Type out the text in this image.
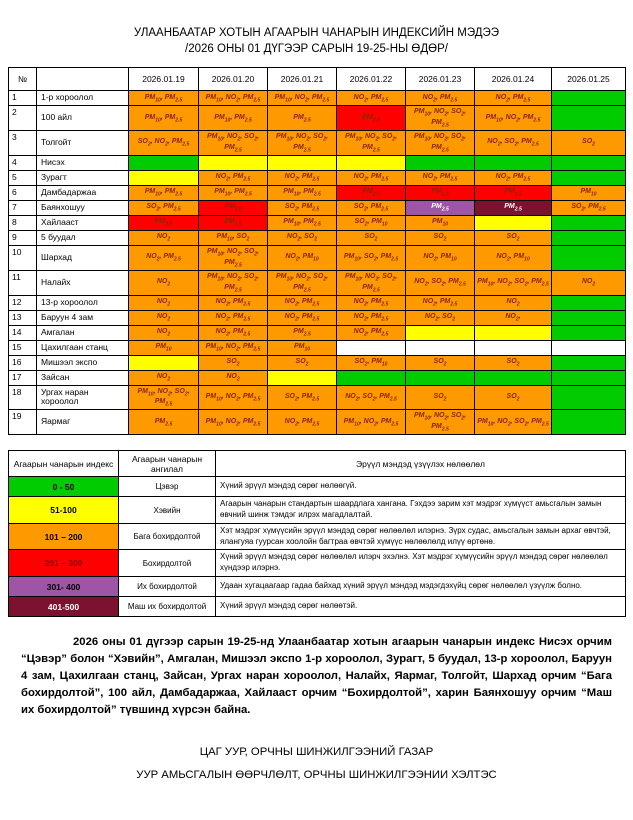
УЛААНБААТАР ХОТЫН АГААРЫН ЧАНАРЫН ИНДЕКСИЙН МЭДЭЭ
/2026 ОНЫ 01 ДҮГЭЭР САРЫН 19-25-НЫ ӨДӨР/
№		2026.01.19	2026.01.20	2026.01.21	2026.01.22	2026.01.23	2026.01.24	2026.01.25
1	1-р хороолол	$PM_{10}$, $PM_{2.5}$	$PM_{10}$, $NO_2$, $PM_{2.5}$	$PM_{10}$, $NO_2$, $PM_{2.5}$	$NO_2$, $PM_{2.5}$	$NO_2$, $PM_{2.5}$	$NO_2$, $PM_{2.5}$	
2	100 айл	$PM_{10}$, $PM_{2.5}$	$PM_{10}$, $PM_{2.5}$	$PM_{2.5}$	$PM_{2.5}$	$PM_{10}$, $NO_2$, $SO_2$, $PM_{2.5}$	$PM_{10}$, $NO_2$, $PM_{2.5}$	
3	Толгойт	$SO_2$, $NO_2$, $PM_{2.5}$	$PM_{10}$, $NO_2$, $SO_2$, $PM_{2.5}$	$PM_{10}$, $NO_2$, $SO_2$, $PM_{2.5}$	$PM_{10}$, $NO_2$, $SO_2$, $PM_{2.5}$	$PM_{10}$, $NO_2$, $SO_2$, $PM_{2.5}$	$NO_2$, $SO_2$, $PM_{2.5}$	$SO_2$
4	Нисэх							
5	Зурагт		$NO_2$, $PM_{2.5}$	$NO_2$, $PM_{2.5}$	$NO_2$, $PM_{2.5}$	$NO_2$, $PM_{2.5}$	$NO_2$, $PM_{2.5}$	
6	Дамбадаржаа	$PM_{10}$, $PM_{2.5}$	$PM_{10}$, $PM_{2.5}$	$PM_{10}$, $PM_{2.5}$	$PM_{2.5}$	$PM_{2.5}$	$PM_{2.5}$	$PM_{10}$
7	Баянхошуу	$SO_2$, $PM_{2.5}$	$PM_{2.5}$	$SO_2$, $PM_{2.5}$	$SO_2$, $PM_{2.5}$	$PM_{2.5}$	$PM_{2.5}$	$SO_2$, $PM_{2.5}$
8	Хайлааст	$PM_{2.5}$	$PM_{2.5}$	$PM_{10}$, $PM_{2.5}$	$SO_2$, $PM_{10}$	$PM_{10}$		
9	5 буудал	$NO_2$	$PM_{10}$, $SO_2$	$NO_2$, $SO_2$	$SO_2$	$SO_2$	$SO_2$	
10	Шархад	$NO_2$, $PM_{2.5}$	$PM_{10}$, $NO_2$, $SO_2$, $PM_{2.5}$	$NO_2$, $PM_{10}$	$PM_{10}$, $SO_2$, $PM_{2.5}$	$NO_2$, $PM_{10}$	$NO_2$, $PM_{10}$	
11	Налайх	$NO_2$	$PM_{10}$, $NO_2$, $SO_2$, $PM_{2.5}$	$PM_{10}$, $NO_2$, $SO_2$, $PM_{2.5}$	$PM_{10}$, $NO_2$, $SO_2$, $PM_{2.5}$	$NO_2$, $SO_2$, $PM_{2.5}$	$PM_{10}$, $NO_2$, $SO_2$, $PM_{2.5}$	$NO_2$
12	13-р хороолол	$NO_2$	$NO_2$, $PM_{2.5}$	$NO_2$, $PM_{2.5}$	$NO_2$, $PM_{2.5}$	$NO_2$, $PM_{2.5}$	$NO_2$	
13	Баруун 4 зам	$NO_2$	$NO_2$, $PM_{2.5}$	$NO_2$, $PM_{2.5}$	$NO_2$, $PM_{2.5}$	$NO_2$, $SO_2$	$NO_2$,	
14	Амгалан	$NO_2$	$NO_2$, $PM_{2.5}$	$PM_{2.5}$	$NO_2$, $PM_{2.5}$			
15	Цахилгаан станц	$PM_{10}$	$PM_{10}$, $NO_2$, $PM_{2.5}$	$PM_{10}$				
16	Мишээл экспо		$SO_2$	$SO_2$	$SO_2$, $PM_{10}$	$SO_2$	$SO_2$	
17	Зайсан	$NO_2$	$NO_2$					
18	Ургах наран хороолол	$PM_{10}$, $NO_2$, $SO_2$, $PM_{2.5}$	$PM_{10}$, $NO_2$, $PM_{2.5}$	$SO_2$, $PM_{2.5}$	$NO_2$, $SO_2$, $PM_{2.5}$	$SO_2$	$SO_2$	
19	Яармаг	$PM_{2.5}$	$PM_{10}$, $NO_2$, $PM_{2.5}$	$NO_2$, $PM_{2.5}$	$PM_{10}$, $NO_2$, $PM_{2.5}$	$PM_{10}$, $NO_2$, $SO_2$, $PM_{2.5}$	$PM_{10}$, $NO_2$, $SO_2$, $PM_{2.5}$	
Агаарын чанарын индекс	Агаарын чанарын ангилал	Эрүүл мэндэд үзүүлэх нөлөөлөл
0 - 50	Цэвэр	Хүний эрүүл мэндэд сөрөг нөлөөгүй.
51-100	Хэвийн	Агаарын чанарын стандартын шаардлага хангана. Гэхдээ зарим хэт мэдрэг хүмүүст амьсгалын замын өвчний шинж тэмдэг илрэх магадлалтай.
101 – 200	Бага бохирдолтой	Хэт мэдрэг хүмүүсийн эрүүл мэндэд сөрөг нөлөөлөл илэрнэ. Зүрх судас, амьсгалын замын архаг өвчтэй, ялангуяа гуурсан хоолойн багтраа өвчтэй хүмүүс нөлөөлөлд илүү өртөнө.
201 – 300	Бохирдолтой	Хүний эрүүл мэндэд сөрөг нөлөөлөл илэрч эхэлнэ. Хэт мэдрэг хүмүүсийн эрүүл мэндэд сөрөг нөлөөлөл хүндээр илэрнэ.
301- 400	Их бохирдолтой	Удаан хугацаагаар гадаа байхад хүний эрүүл мэндэд мэдэгдэхүйц сөрөг нөлөөлөл үзүүлж болно.
401-500	Маш их бохирдолтой	Хүний эрүүл мэндэд сөрөг нөлөөтэй.

2026 оны 01 дүгээр сарын 19-25-нд Улаанбаатар хотын агаарын чанарын индекс Нисэх орчим “Цэвэр” болон “Хэвийн”, Амгалан, Мишээл экспо 1-р хороолол, Зурагт, 5 буудал, 13-р хороолол, Баруун 4 зам, Цахилгаан станц, Зайсан, Ургах наран хороолол, Налайх, Яармаг, Толгойт, Шархад орчим “Бага бохирдолтой”, 100 айл, Дамбадаржаа, Хайлааст орчим “Бохирдолтой”, харин Баянхошуу орчим “Маш их бохирдолтой” түвшинд хүрсэн байна.

ЦАГ УУР, ОРЧНЫ ШИНЖИЛГЭЭНИЙ ГАЗАР
УУР АМЬСГАЛЫН ӨӨРЧЛӨЛТ, ОРЧНЫ ШИНЖИЛГЭЭНИИ ХЭЛТЭС
